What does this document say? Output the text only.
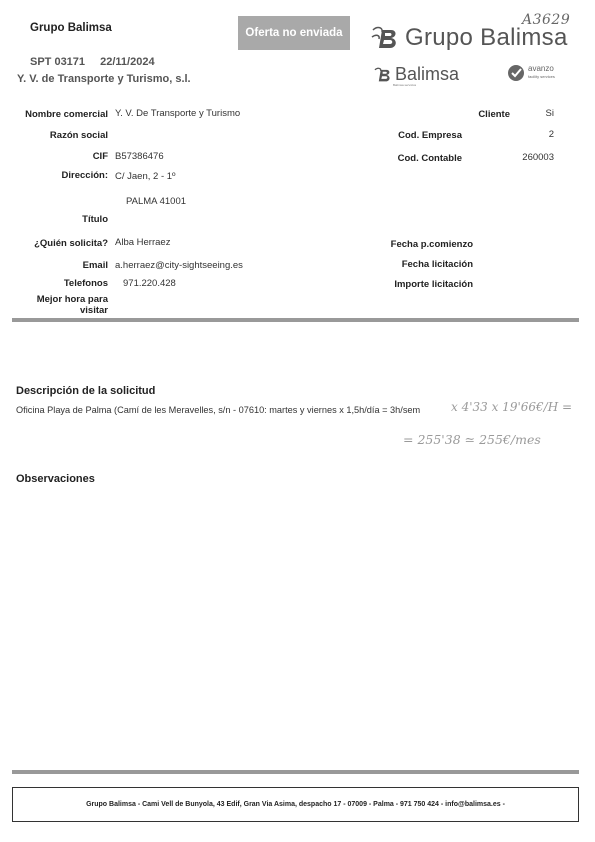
Grupo Balimsa
SPT 03171 22/11/2024
Y. V. de Transporte y Turismo, s.l.
Oferta no enviada
A3629
Grupo Balimsa
Balimsa
Balimsa servicios
avanzo
facility services
Nombre comercial Y. V. De Transporte y Turismo
Razón social
CIF B57386476
Dirección: C/ Jaen, 2 - 1º
PALMA 41001
Título
¿Quién solicita? Alba Herraez
Email a.herraez@city-sightseeing.es
Telefonos 971.220.428
Mejor hora para
visitar
Cliente	Si
Cod. Empresa	2
Cod. Contable	260003
Fecha p.comienzo
Fecha licitación
Importe licitación
Descripción de la solicitud
Oficina Playa de Palma (Camí de les Meravelles, s/n - 07610: martes y viernes x 1,5h/día = 3h/sem	x 4'33 x 19'66€/H =
= 255'38 ≃ 255€/mes
Observaciones
Grupo Balimsa - Cami Vell de Bunyola, 43 Edif, Gran Via Asima, despacho 17 - 07009 - Palma - 971 750 424 - info@balimsa.es -
